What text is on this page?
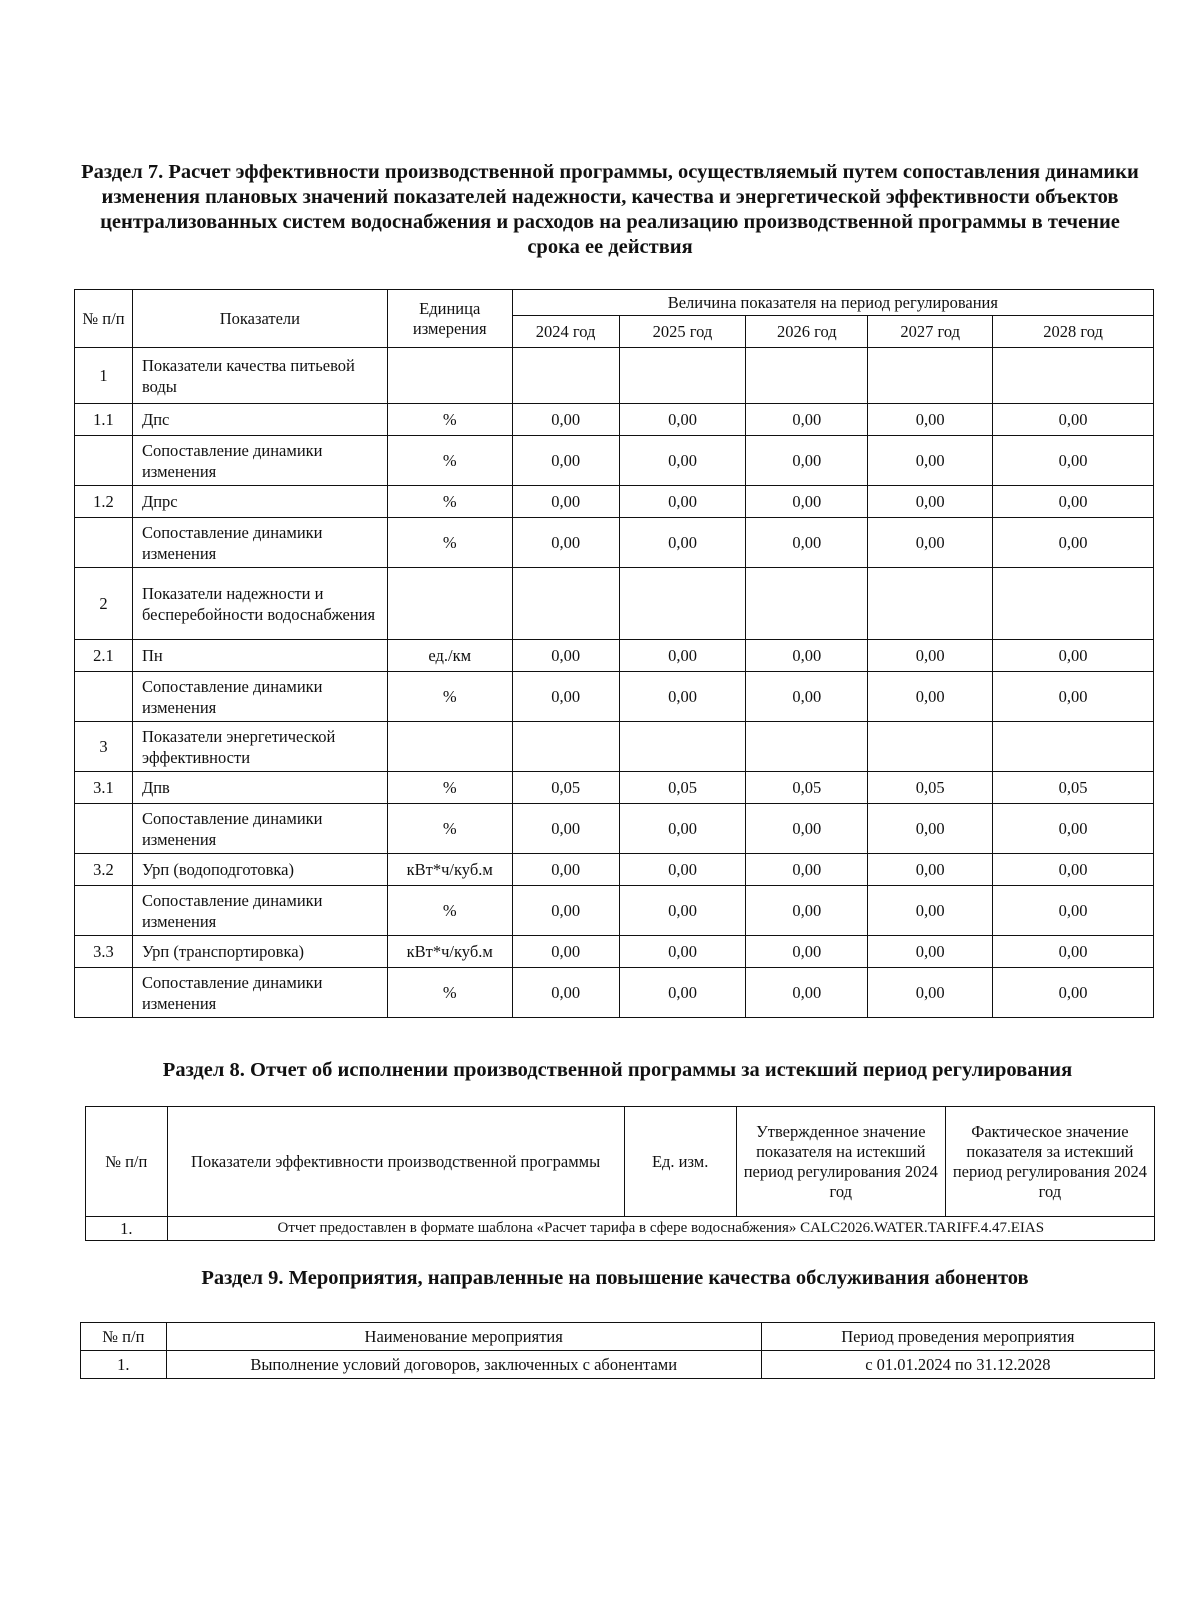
Раздел 7. Расчет эффективности производственной программы, осуществляемый путем сопоставления динамики изменения плановых значений показателей надежности, качества и энергетической эффективности объектов централизованных систем водоснабжения и расходов на реализацию производственной программы в течение срока ее действия
№ п/п	Показатели	Единица измерения	Величина показателя на период регулирования				
			2024 год	2025 год	2026 год	2027 год	2028 год
1	Показатели качества питьевой воды						
1.1	Дпс	%	0,00	0,00	0,00	0,00	0,00
	Сопоставление динамики изменения	%	0,00	0,00	0,00	0,00	0,00
1.2	Дпрс	%	0,00	0,00	0,00	0,00	0,00
	Сопоставление динамики изменения	%	0,00	0,00	0,00	0,00	0,00
2	Показатели надежности и бесперебойности водоснабжения						
2.1	Пн	ед./км	0,00	0,00	0,00	0,00	0,00
	Сопоставление динамики изменения	%	0,00	0,00	0,00	0,00	0,00
3	Показатели энергетической эффективности						
3.1	Дпв	%	0,05	0,05	0,05	0,05	0,05
	Сопоставление динамики изменения	%	0,00	0,00	0,00	0,00	0,00
3.2	Урп (водоподготовка)	кВт*ч/куб.м	0,00	0,00	0,00	0,00	0,00
	Сопоставление динамики изменения	%	0,00	0,00	0,00	0,00	0,00
3.3	Урп (транспортировка)	кВт*ч/куб.м	0,00	0,00	0,00	0,00	0,00
	Сопоставление динамики изменения	%	0,00	0,00	0,00	0,00	0,00
Раздел 8. Отчет об исполнении производственной программы за истекший период регулирования
№ п/п	Показатели эффективности производственной программы	Ед. изм.	Утвержденное значение показателя на истекший период регулирования 2024 год	Фактическое значение показателя за истекший период регулирования 2024 год
1.	Отчет предоставлен в формате шаблона «Расчет тарифа в сфере водоснабжения» CALC2026.WATER.TARIFF.4.47.EIAS			
Раздел 9. Мероприятия, направленные на повышение качества обслуживания абонентов
№ п/п	Наименование мероприятия	Период проведения мероприятия
1.	Выполнение условий договоров, заключенных с абонентами	с 01.01.2024 по 31.12.2028
